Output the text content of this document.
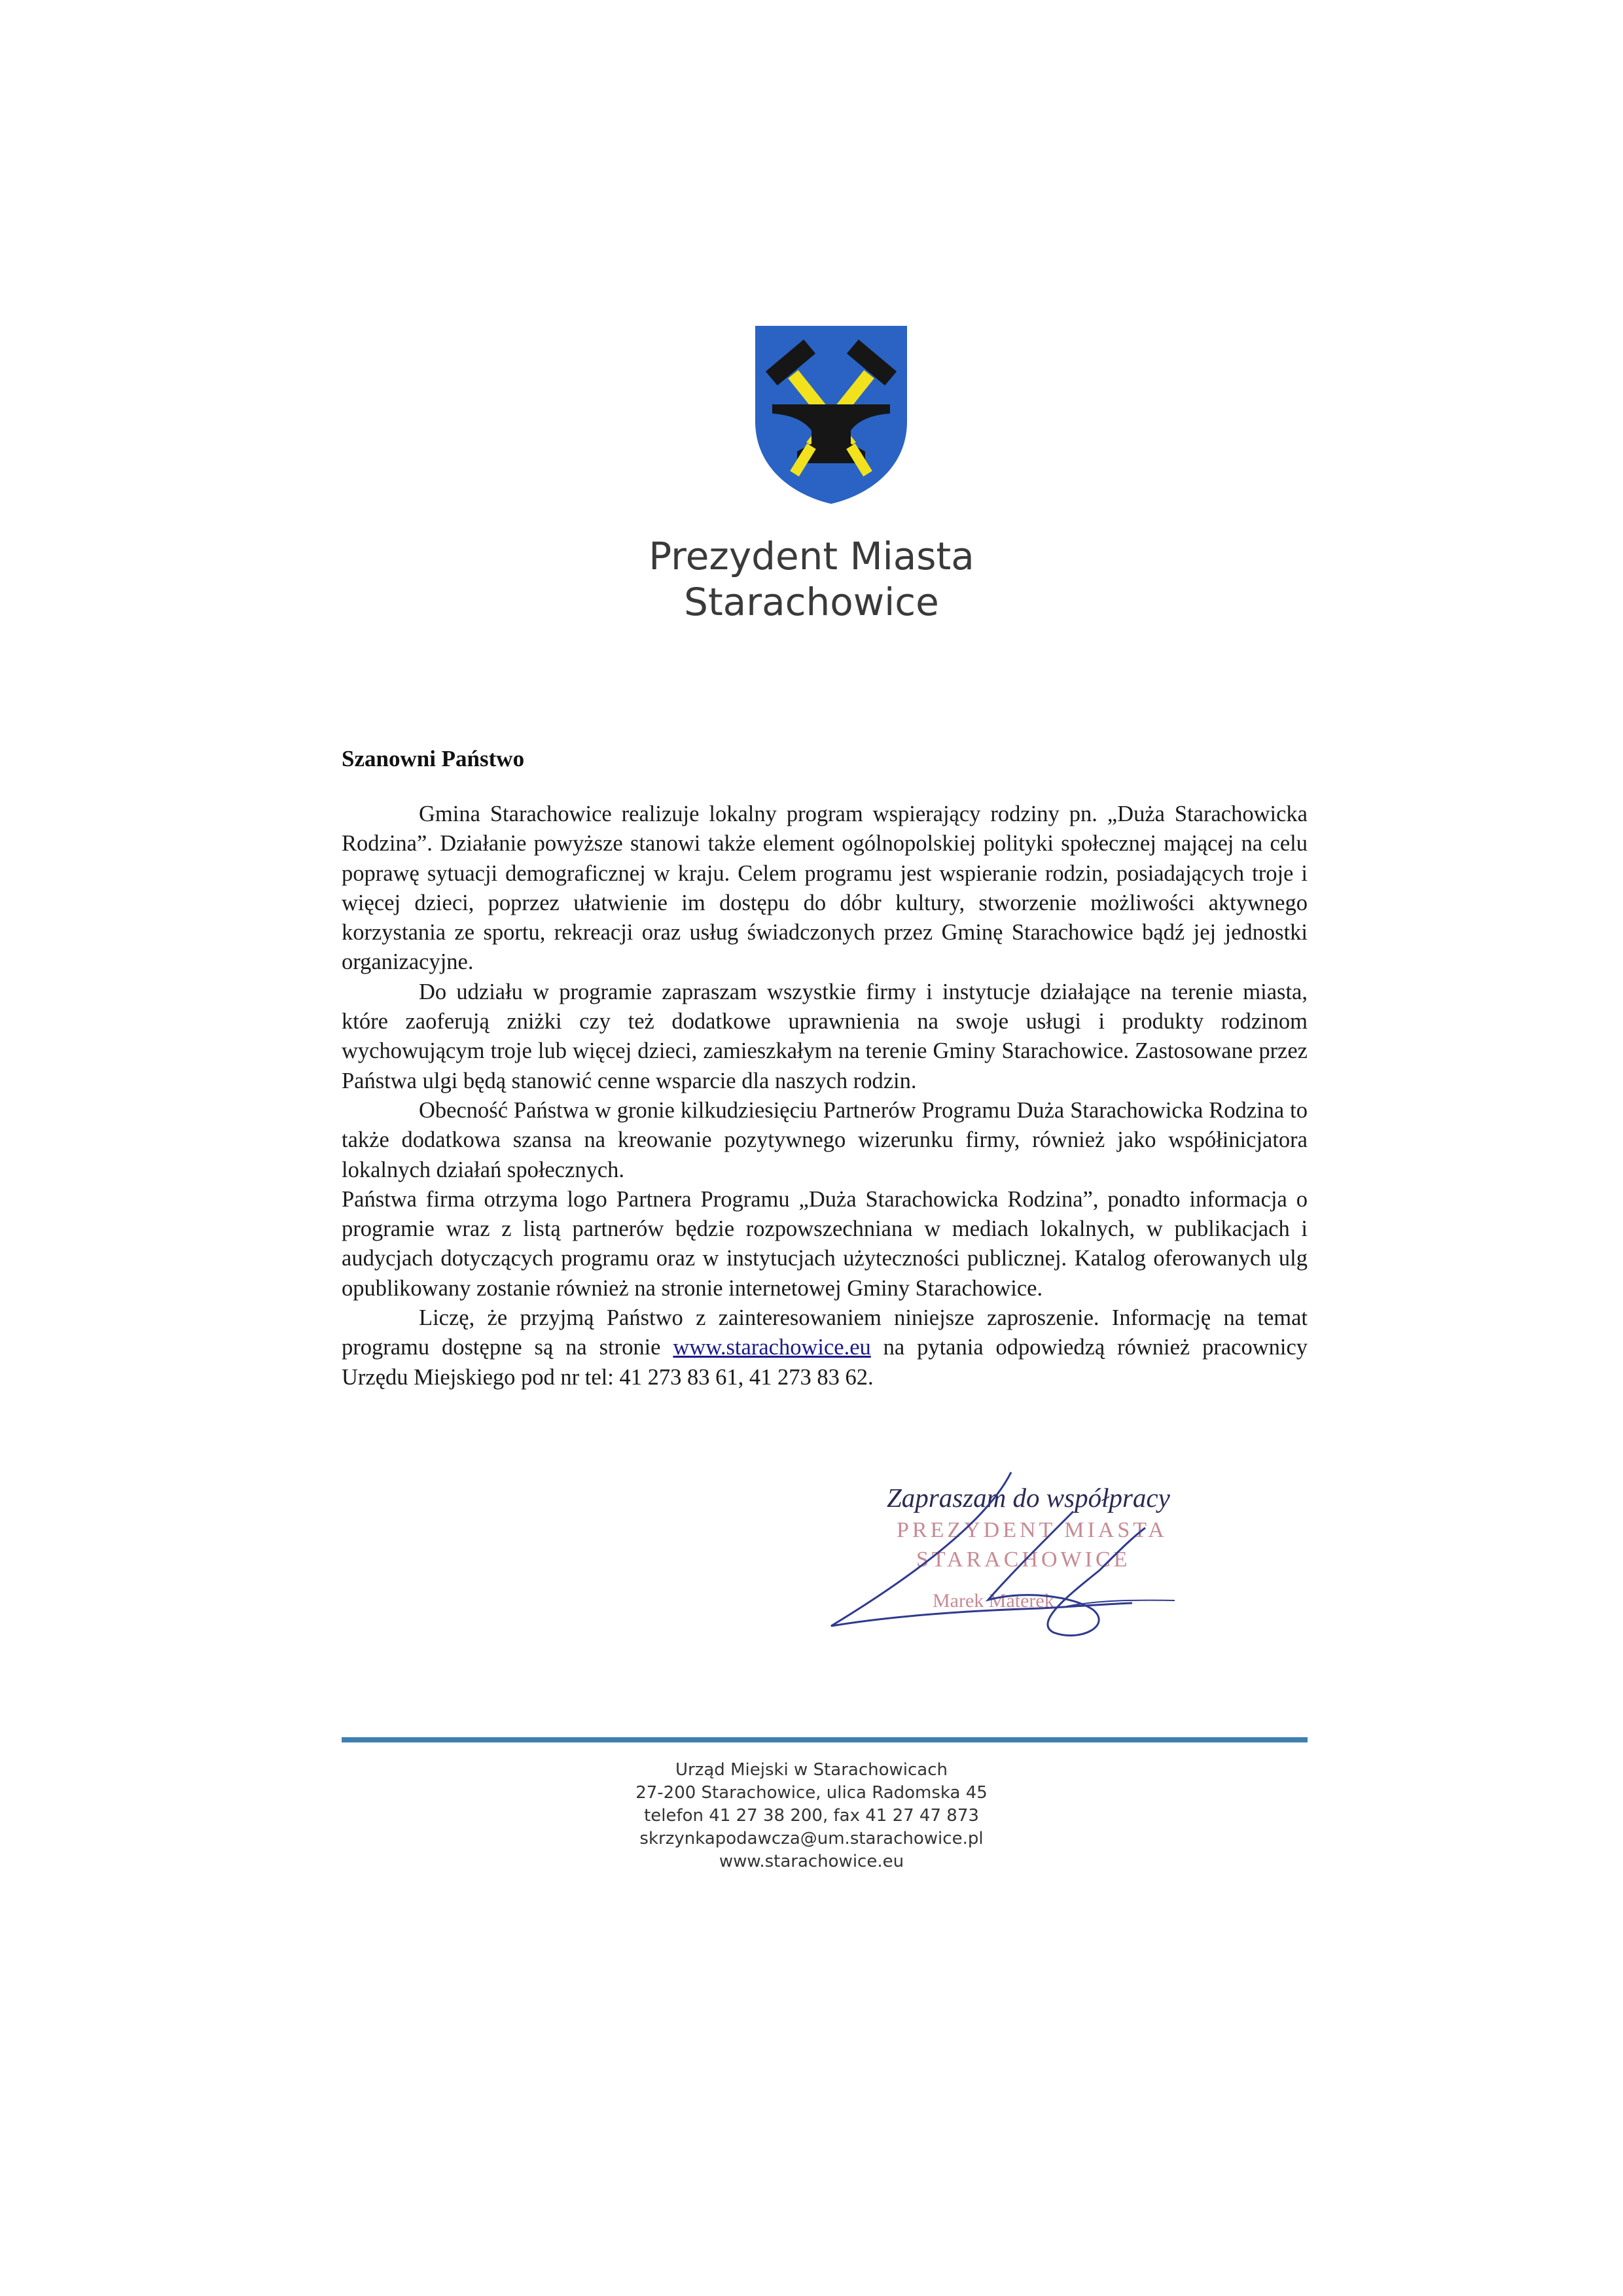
Prezydent Miasta
Starachowice
Szanowni Państwo

Gmina Starachowice realizuje lokalny program wspierający rodziny pn. „Duża Starachowicka Rodzina”. Działanie powyższe stanowi także element ogólnopolskiej polityki społecznej mającej na celu poprawę sytuacji demograficznej w kraju. Celem programu jest wspieranie rodzin, posiadających troje i więcej dzieci, poprzez ułatwienie im dostępu do dóbr kultury, stworzenie możliwości aktywnego korzystania ze sportu, rekreacji oraz usług świadczonych przez Gminę Starachowice bądź jej jednostki organizacyjne.

Do udziału w programie zapraszam wszystkie firmy i instytucje działające na terenie miasta, które zaoferują zniżki czy też dodatkowe uprawnienia na swoje usługi i produkty rodzinom wychowującym troje lub więcej dzieci, zamieszkałym na terenie Gminy Starachowice. Zastosowane przez Państwa ulgi będą stanowić cenne wsparcie dla naszych rodzin.

Obecność Państwa w gronie kilkudziesięciu Partnerów Programu Duża Starachowicka Rodzina to także dodatkowa szansa na kreowanie pozytywnego wizerunku firmy, również jako współinicjatora lokalnych działań społecznych.

Państwa firma otrzyma logo Partnera Programu „Duża Starachowicka Rodzina”, ponadto informacja o programie wraz z listą partnerów będzie rozpowszechniana w mediach lokalnych, w publikacjach i audycjach dotyczących programu oraz w instytucjach użyteczności publicznej. Katalog oferowanych ulg opublikowany zostanie również na stronie internetowej Gminy Starachowice.

Liczę, że przyjmą Państwo z zainteresowaniem niniejsze zaproszenie. Informację na temat programu dostępne są na stronie www.starachowice.eu na pytania odpowiedzą również pracownicy Urzędu Miejskiego pod nr tel: 41 273 83 61, 41 273 83 62.

Zapraszam do współpracy
PREZYDENT MIASTA
STARACHOWICE
Marek Materek
Urząd Miejski w Starachowicach
27-200 Starachowice, ulica Radomska 45
telefon 41 27 38 200, fax 41 27 47 873
skrzynkapodawcza@um.starachowice.pl
www.starachowice.eu
